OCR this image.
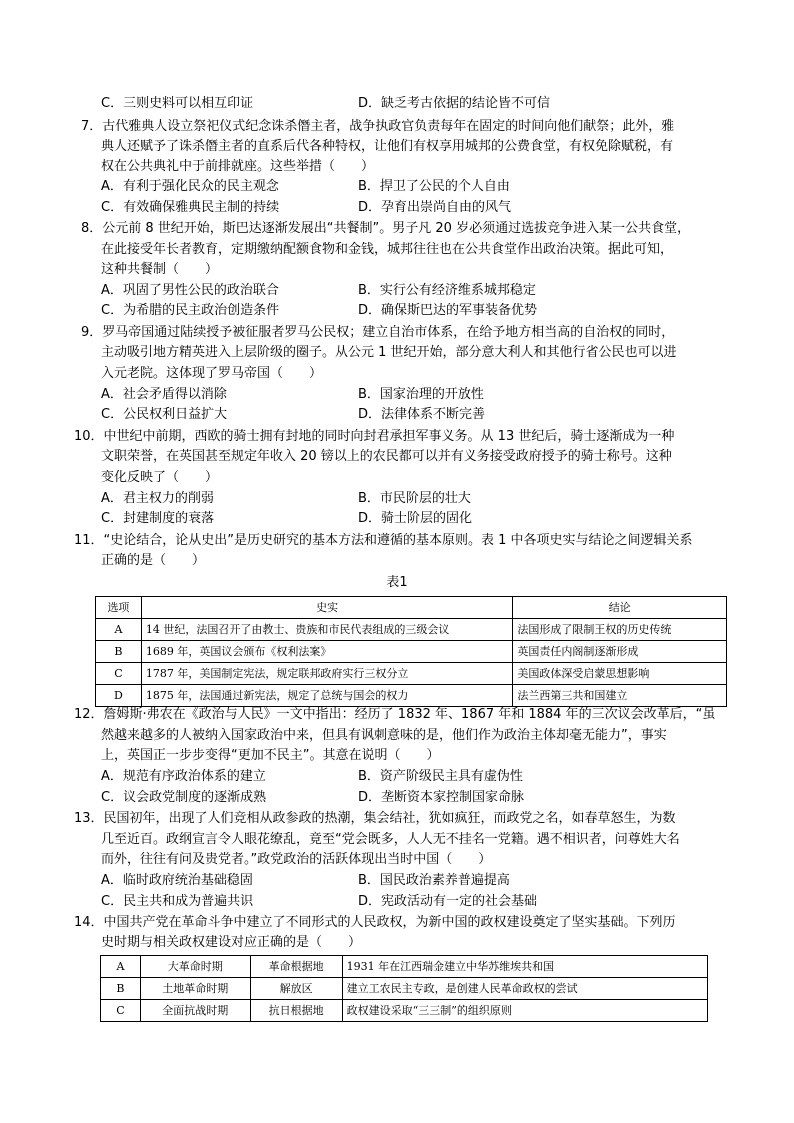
C．三则史料可以相互印证	D．缺乏考古依据的结论皆不可信
7．古代雅典人设立祭祀仪式纪念诛杀僭主者，战争执政官负责每年在固定的时间向他们献祭；此外，雅
典人还赋予了诛杀僭主者的直系后代各种特权，让他们有权享用城邦的公费食堂，有权免除赋税，有
权在公共典礼中于前排就座。这些举措（　　）
A．有利于强化民众的民主观念	B．捍卫了公民的个人自由
C．有效确保雅典民主制的持续	D．孕育出崇尚自由的风气
8．公元前 8 世纪开始，斯巴达逐渐发展出“共餐制”。男子凡 20 岁必须通过选拔竞争进入某一公共食堂，
在此接受年长者教育，定期缴纳配额食物和金钱，城邦往往也在公共食堂作出政治决策。据此可知，
这种共餐制（　　）
A．巩固了男性公民的政治联合	B．实行公有经济维系城邦稳定
C．为希腊的民主政治创造条件	D．确保斯巴达的军事装备优势
9．罗马帝国通过陆续授予被征服者罗马公民权；建立自治市体系，在给予地方相当高的自治权的同时，
主动吸引地方精英进入上层阶级的圈子。从公元 1 世纪开始，部分意大利人和其他行省公民也可以进
入元老院。这体现了罗马帝国（　　）
A．社会矛盾得以消除	B．国家治理的开放性
C．公民权利日益扩大	D．法律体系不断完善
10．中世纪中前期，西欧的骑士拥有封地的同时向封君承担军事义务。从 13 世纪后，骑士逐渐成为一种
文职荣誉，在英国甚至规定年收入 20 镑以上的农民都可以并有义务接受政府授予的骑士称号。这种
变化反映了（　　）
A．君主权力的削弱	B．市民阶层的壮大
C．封建制度的衰落	D．骑士阶层的固化
11．“史论结合，论从史出”是历史研究的基本方法和遵循的基本原则。表 1 中各项史实与结论之间逻辑关系
正确的是（　　）
表1
选项	史实	结论
A	14 世纪，法国召开了由教士、贵族和市民代表组成的三级会议	法国形成了限制王权的历史传统
B	1689 年，英国议会颁布《权利法案》	英国责任内阁制逐渐形成
C	1787 年，美国制定宪法，规定联邦政府实行三权分立	美国政体深受启蒙思想影响
D	1875 年，法国通过新宪法，规定了总统与国会的权力	法兰西第三共和国建立
12．詹姆斯·弗农在《政治与人民》一文中指出：经历了 1832 年、1867 年和 1884 年的三次议会改革后，“虽
然越来越多的人被纳入国家政治中来，但具有讽刺意味的是，他们作为政治主体却毫无能力”，事实
上，英国正一步步变得“更加不民主”。其意在说明（　　）
A．规范有序政治体系的建立	B．资产阶级民主具有虚伪性
C．议会政党制度的逐渐成熟	D．垄断资本家控制国家命脉
13．民国初年，出现了人们竞相从政参政的热潮，集会结社，犹如疯狂，而政党之名，如春草怒生，为数
几至近百。政纲宣言令人眼花缭乱，竟至“党会既多，人人无不挂名一党籍。遇不相识者，问尊姓大名
而外，往往有问及贵党者。”政党政治的活跃体现出当时中国（　　）
A．临时政府统治基础稳固	B．国民政治素养普遍提高
C．民主共和成为普遍共识	D．宪政活动有一定的社会基础
14．中国共产党在革命斗争中建立了不同形式的人民政权，为新中国的政权建设奠定了坚实基础。下列历
史时期与相关政权建设对应正确的是（　　）
A	大革命时期	革命根据地	1931 年在江西瑞金建立中华苏维埃共和国
B	土地革命时期	解放区	建立工农民主专政，是创建人民革命政权的尝试
C	全面抗战时期	抗日根据地	政权建设采取“三三制”的组织原则
